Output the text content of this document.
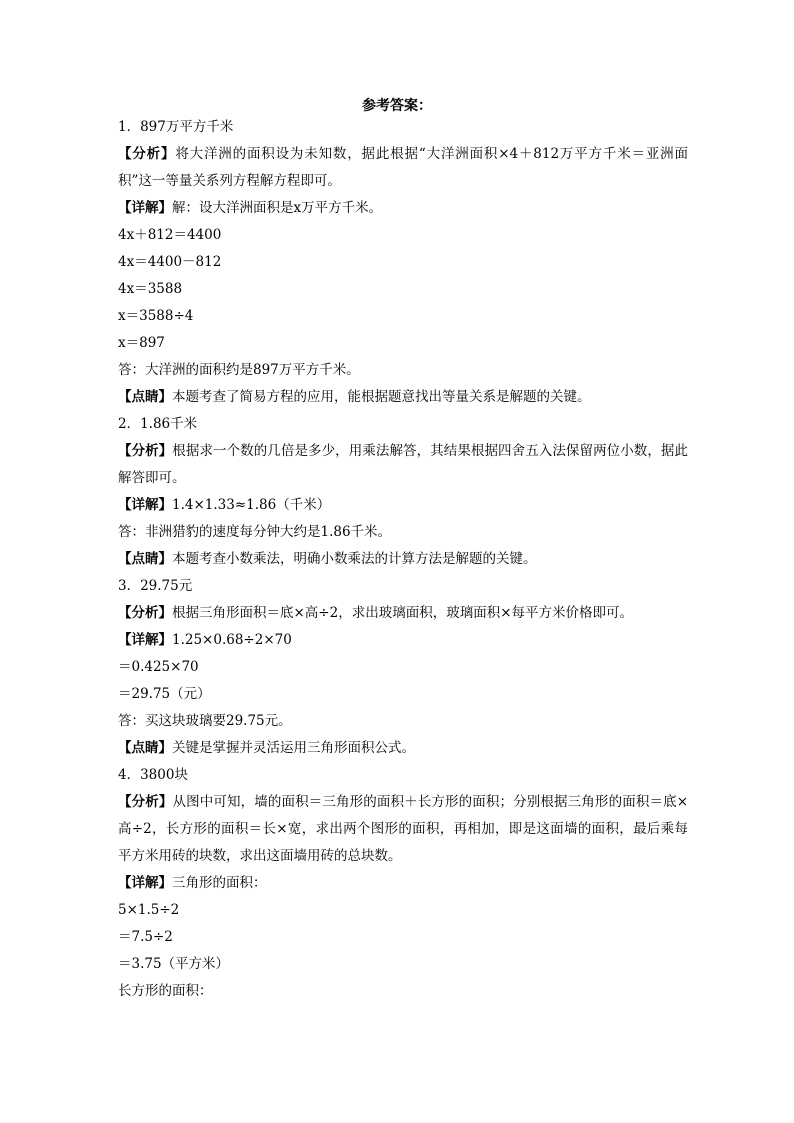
参考答案：
1．897万平方千米
【分析】将大洋洲的面积设为未知数，据此根据“大洋洲面积×4＋812万平方千米＝亚洲面积”这一等量关系列方程解方程即可。
【详解】解：设大洋洲面积是x万平方千米。
4x＋812＝4400
4x＝4400－812
4x＝3588
x＝3588÷4
x＝897
答：大洋洲的面积约是897万平方千米。
【点睛】本题考查了简易方程的应用，能根据题意找出等量关系是解题的关键。
2．1.86千米
【分析】根据求一个数的几倍是多少，用乘法解答，其结果根据四舍五入法保留两位小数，据此解答即可。
【详解】1.4×1.33≈1.86（千米）
答：非洲猎豹的速度每分钟大约是1.86千米。
【点睛】本题考查小数乘法，明确小数乘法的计算方法是解题的关键。
3．29.75元
【分析】根据三角形面积＝底×高÷2，求出玻璃面积，玻璃面积×每平方米价格即可。
【详解】1.25×0.68÷2×70
＝0.425×70
＝29.75（元）
答：买这块玻璃要29.75元。
【点睛】关键是掌握并灵活运用三角形面积公式。
4．3800块
【分析】从图中可知，墙的面积＝三角形的面积＋长方形的面积；分别根据三角形的面积＝底×高÷2，长方形的面积＝长×宽，求出两个图形的面积，再相加，即是这面墙的面积，最后乘每平方米用砖的块数，求出这面墙用砖的总块数。
【详解】三角形的面积：
5×1.5÷2
＝7.5÷2
＝3.75（平方米）
长方形的面积：
